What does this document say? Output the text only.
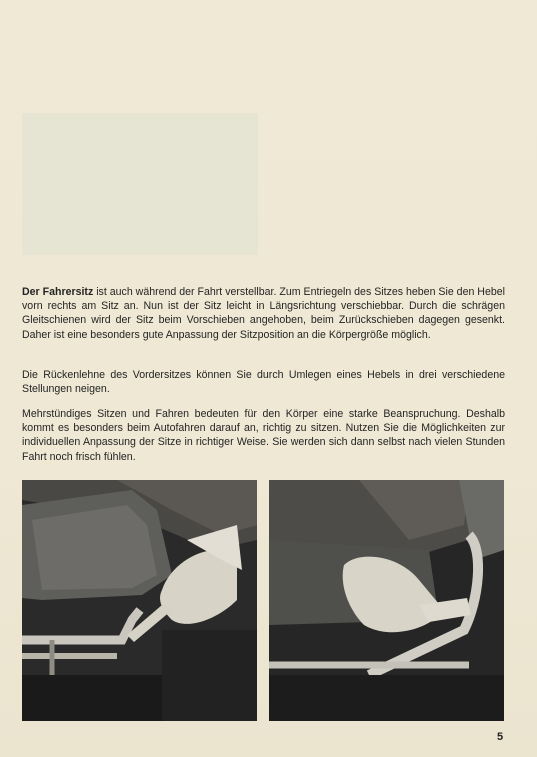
Der Fahrersitz ist auch während der Fahrt verstellbar. Zum Entriegeln des Sitzes heben Sie den Hebel vorn rechts am Sitz an. Nun ist der Sitz leicht in Längsrichtung verschiebbar. Durch die schrägen Gleitschienen wird der Sitz beim Vorschieben angehoben, beim Zurückschieben dagegen gesenkt. Daher ist eine besonders gute Anpassung der Sitzposition an die Körpergröße möglich.

Die Rückenlehne des Vordersitzes können Sie durch Umlegen eines Hebels in drei verschiedene Stellungen neigen.

Mehrstündiges Sitzen und Fahren bedeuten für den Körper eine starke Beanspruchung. Deshalb kommt es besonders beim Autofahren darauf an, richtig zu sitzen. Nutzen Sie die Möglichkeiten zur individuellen Anpassung der Sitze in richtiger Weise. Sie werden sich dann selbst nach vielen Stunden Fahrt noch frisch fühlen.

5
